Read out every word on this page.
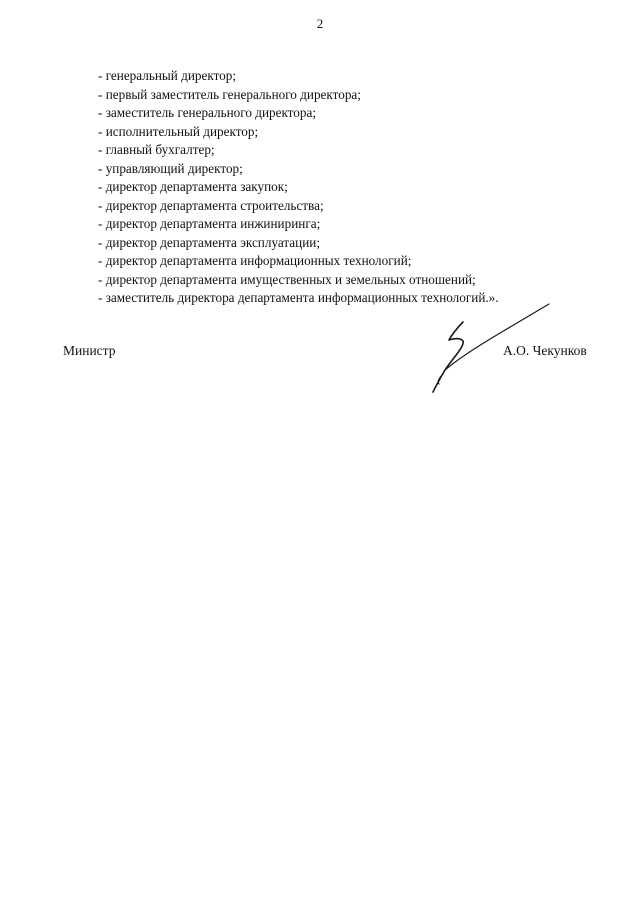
2
- генеральный директор;
- первый заместитель генерального директора;
- заместитель генерального директора;
- исполнительный директор;
- главный бухгалтер;
- управляющий директор;
- директор департамента закупок;
- директор департамента строительства;
- директор департамента инжиниринга;
- директор департамента эксплуатации;
- директор департамента информационных технологий;
- директор департамента имущественных и земельных отношений;
- заместитель директора департамента информационных технологий.».
Министр	А.О. Чекунков
